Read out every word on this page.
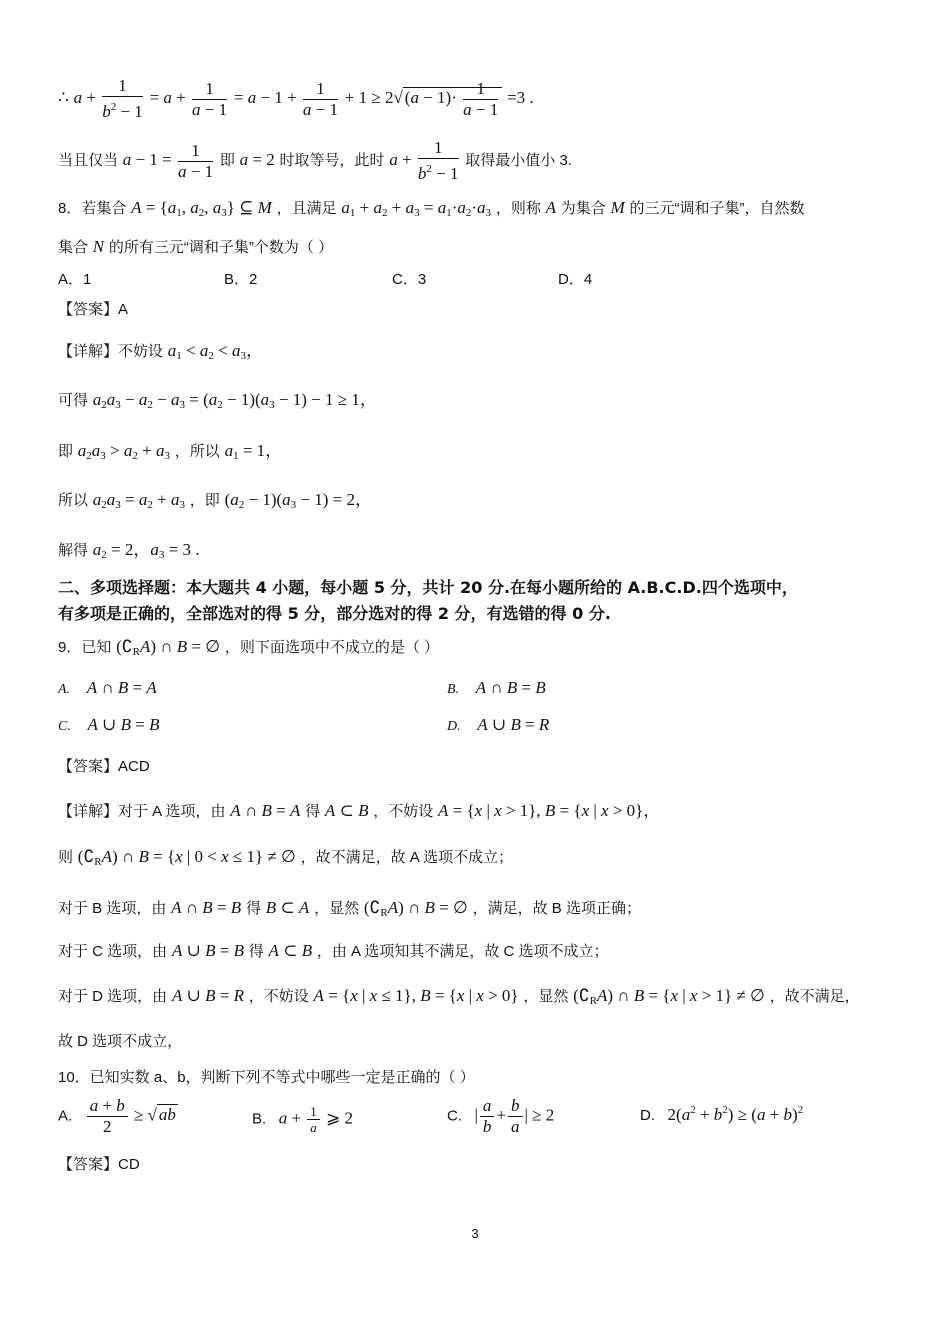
∴ $a + \frac{1}{b^2 - 1} = a + \frac{1}{a - 1} = a - 1 + \frac{1}{a - 1} + 1 \ge 2√$ $(a - 1)\cdot \frac{1}{a - 1} =3$ .
当且仅当 $a - 1 = \frac{1}{a - 1}$ 即 a = 2 时取等号，此时 $a + \frac{1}{b^2 - 1}$ 取得最小值小 3.
8．若集合 $A = \{a_1$, $a_2$, $a_3$} ⊆ M ，且满足 $a_1 + a_2 + a_3 = a_1\cdot a_2\cdot a_3$ ，则称 A 为集合 M 的三元“调和子集”，自然数
集合 N 的所有三元“调和子集”个数为（ ）
A．1	B．2	C．3	D．4
【答案】A
【详解】不妨设 $a_1 < a_2 < a_3$，
可得 $a_2a_3 - a_2 - a_3 = (a_2 - 1)(a_3 - 1) - 1 \ge 1$，
即 $a_2a_3 > a_2 + a_3$ ，所以 $a_1 = 1$，
所以 $a_2a_3 = a_2 + a_3$ ，即 $(a_2 - 1)(a_3 - 1) = 2$，
解得 $a_2 = 2$，$a_3 = 3$ .
二、多项选择题：本大题共 4 小题，每小题 5 分，共计 20 分.在每小题所给的 A.B.C.D.四个选项中，
有多项是正确的，全部选对的得 5 分，部分选对的得 2 分，有选错的得 0 分.
9．已知 $(∁_RA)$ ∩ B = ∅ ，则下面选项中不成立的是（ ）
A. A ∩ B = A	B. A ∩ B = B
C. A ∪ B = B	D. A ∪ B = R
【答案】ACD
【详解】对于 A 选项，由 A ∩ B = A 得 A ⊂ B ，不妨设 A = {x | x > 1}, B = {x | x > 0}，
则 $(∁_RA)$ ∩ B = {x | 0 < x ≤ 1} ≠ ∅ ，故不满足，故 A 选项不成立；
对于 B 选项，由 A ∩ B = B 得 B ⊂ A ，显然 $(∁_RA)$ ∩ B = ∅ ，满足，故 B 选项正确；
对于 C 选项，由 A ∪ B = B 得 A ⊂ B ，由 A 选项知其不满足，故 C 选项不成立；
对于 D 选项，由 A ∪ B = R ，不妨设 A = {x | x ≤ 1}, B = {x | x > 0} ，显然 $(∁_RA)$ ∩ B = {x | x > 1} ≠ ∅ ，故不满足，
故 D 选项不成立，
10．已知实数 a、b，判断下列不等式中哪些一定是正确的（ ）
A. $\frac{a + b}{2}$ ≥ √ ab	B. $a + \frac{1}{a}$ ⩾ 2	C. | $\frac{a}{b} + \frac{b}{a}$ | ≥ 2	D. $2(a^2 + b^2) \ge (a + b)^2$
【答案】CD
3
